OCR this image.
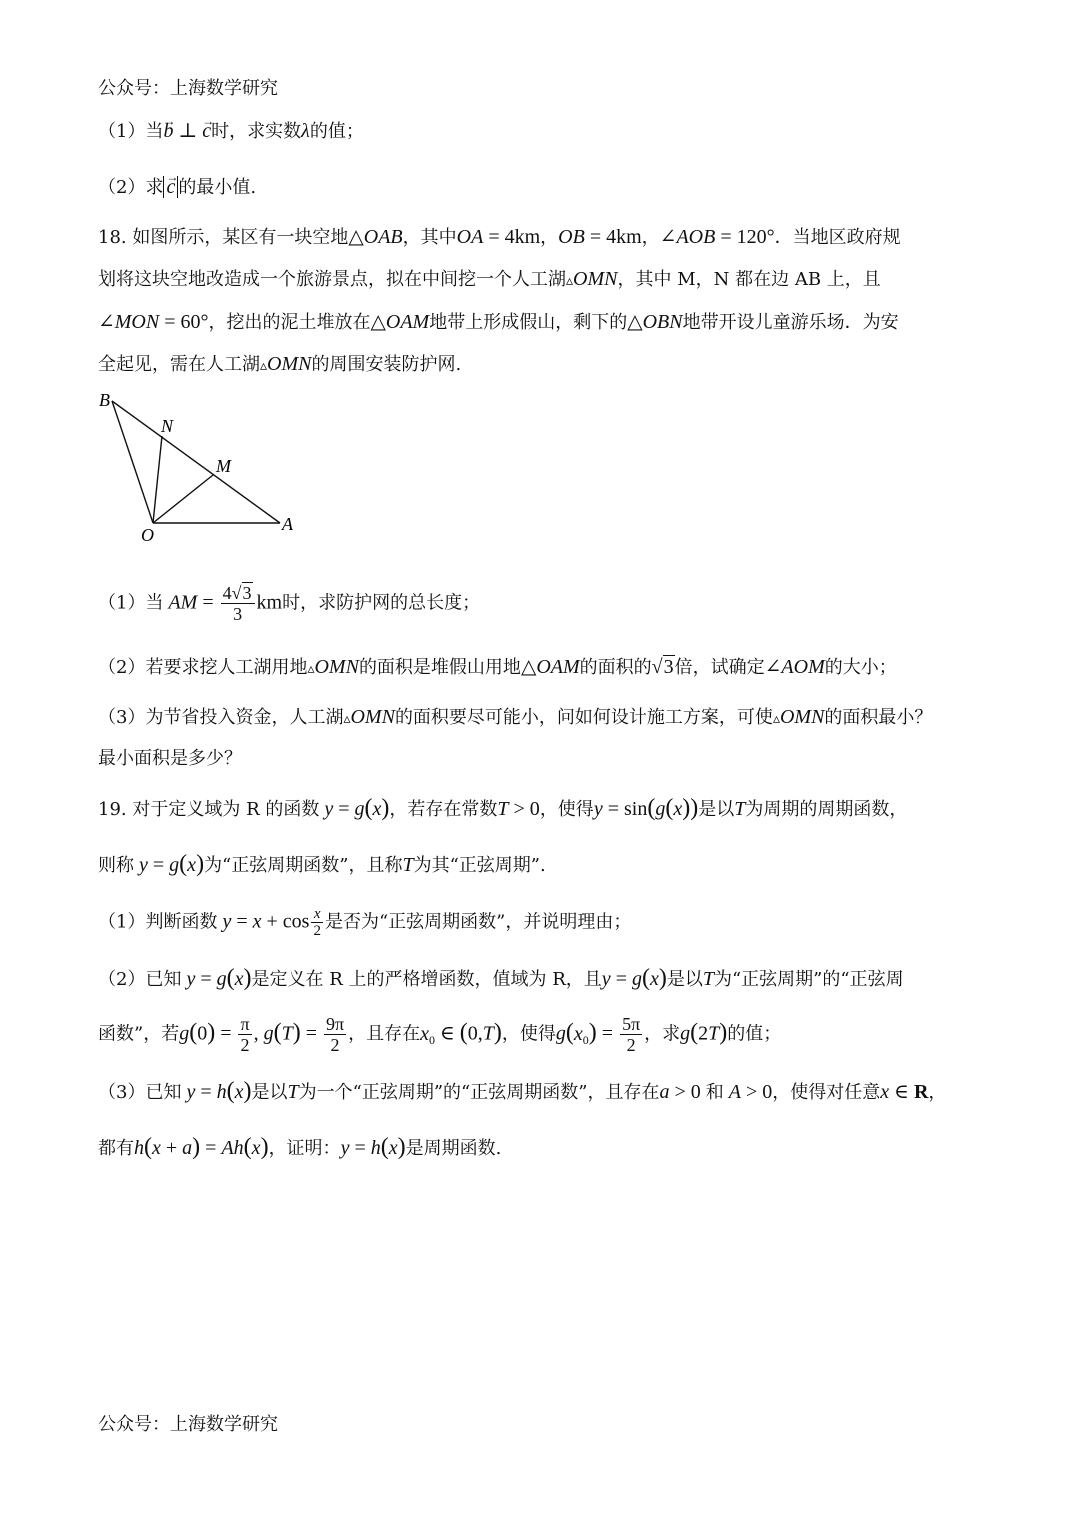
公众号：上海数学研究
（1）当→ b ⊥ → c时，求实数λ的值；
（2）求→ c 的最小值.
18. 如图所示，某区有一块空地△OAB，其中OA = 4km，OB = 4km，∠AOB = 120°．当地区政府规
划将这块空地改造成一个旅游景点，拟在中间挖一个人工湖▵OMN，其中 M，N 都在边 AB 上，且
∠MON = 60°，挖出的泥土堆放在△OAM地带上形成假山，剩下的△OBN地带开设儿童游乐场．为安
全起见，需在人工湖▵OMN的周围安装防护网.
B
N
M
O
A
（1）当 AM = $\frac{4√3}{3}$ km时，求防护网的总长度；
（2）若要求挖人工湖用地▵OMN的面积是堆假山用地△OAM的面积的√3倍，试确定∠AOM的大小；
（3）为节省投入资金，人工湖▵OMN的面积要尽可能小，问如何设计施工方案，可使▵OMN的面积最小？
最小面积是多少？
19. 对于定义域为 R 的函数 y = g(x)，若存在常数T > 0，使得y = sin(g(x))是以T为周期的周期函数，
则称 y = g(x)为“正弦周期函数”，且称T为其“正弦周期”.
（1）判断函数 $y = x + \cos \frac{x}{2}$ 是否为“正弦周期函数”，并说明理由；
（2）已知 y = g(x)是定义在 R 上的严格增函数，值域为 R，且y = g(x)是以T为“正弦周期”的“正弦周
函数”，若$g(0) = \frac{\pi}{2}$ , $g(T) = \frac{9\pi}{2}$ ，且存在$x_0$ ∈ (0,T)，使得$g(x_0) = \frac{5\pi}{2}$ ，求g(2T)的值；
（3）已知 y = h(x)是以T为一个“正弦周期”的“正弦周期函数”，且存在a > 0 和 A > 0，使得对任意x ∈ R，
都有h(x + a) = Ah(x)，证明：y = h(x)是周期函数.
公众号：上海数学研究
